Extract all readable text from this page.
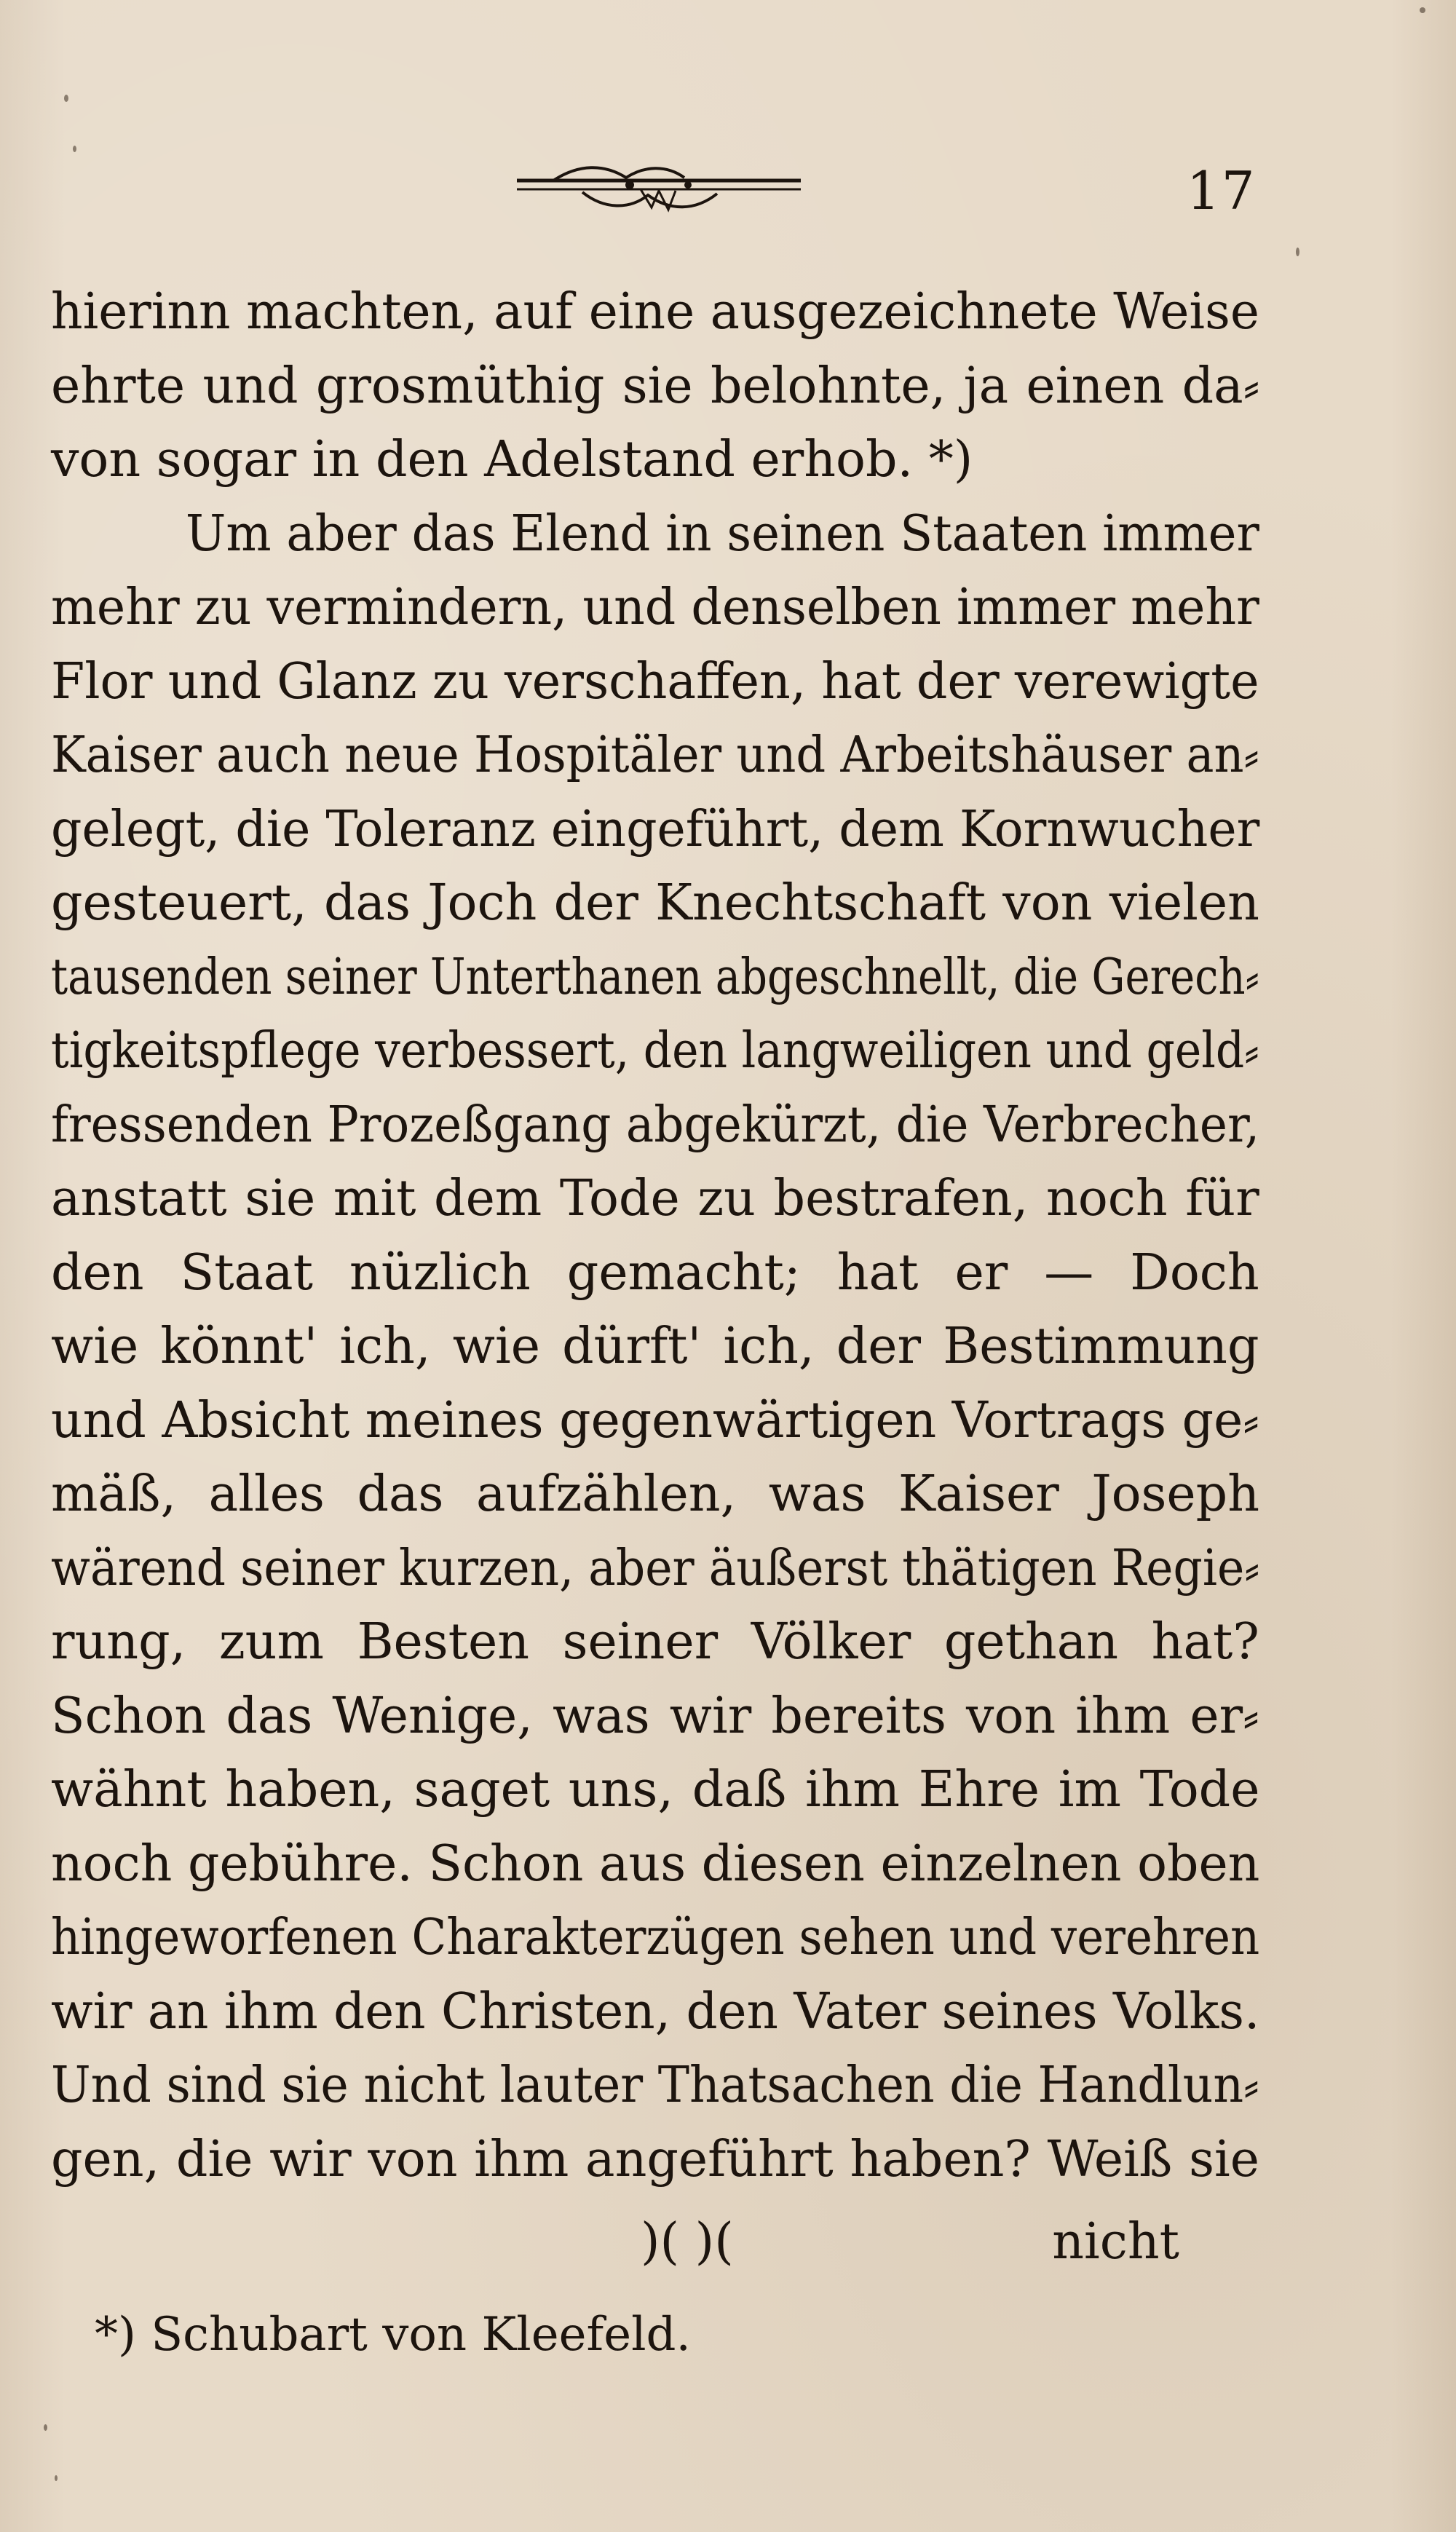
17
hierinn machten, auf eine ausgezeichnete Weise
ehrte und grosmüthig sie belohnte, ja einen da⸗
von sogar in den Adelstand erhob. *)
Um aber das Elend in seinen Staaten immer
mehr zu vermindern, und denselben immer mehr
Flor und Glanz zu verschaffen, hat der verewigte
Kaiser auch neue Hospitäler und Arbeitshäuser an⸗
gelegt, die Toleranz eingeführt, dem Kornwucher
gesteuert, das Joch der Knechtschaft von vielen
tausenden seiner Unterthanen abgeschnellt, die Gerech⸗
tigkeitspflege verbessert, den langweiligen und geld⸗
fressenden Prozeßgang abgekürzt, die Verbrecher,
anstatt sie mit dem Tode zu bestrafen, noch für
den Staat nüzlich gemacht; hat er — Doch
wie könnt' ich, wie dürft' ich, der Bestimmung
und Absicht meines gegenwärtigen Vortrags ge⸗
mäß, alles das aufzählen, was Kaiser Joseph
wärend seiner kurzen, aber äußerst thätigen Regie⸗
rung, zum Besten seiner Völker gethan hat?
Schon das Wenige, was wir bereits von ihm er⸗
wähnt haben, saget uns, daß ihm Ehre im Tode
noch gebühre. Schon aus diesen einzelnen oben
hingeworfenen Charakterzügen sehen und verehren
wir an ihm den Christen, den Vater seines Volks.
Und sind sie nicht lauter Thatsachen die Handlun⸗
gen, die wir von ihm angeführt haben? Weiß sie
)( )(	nicht
*) Schubart von Kleefeld.
